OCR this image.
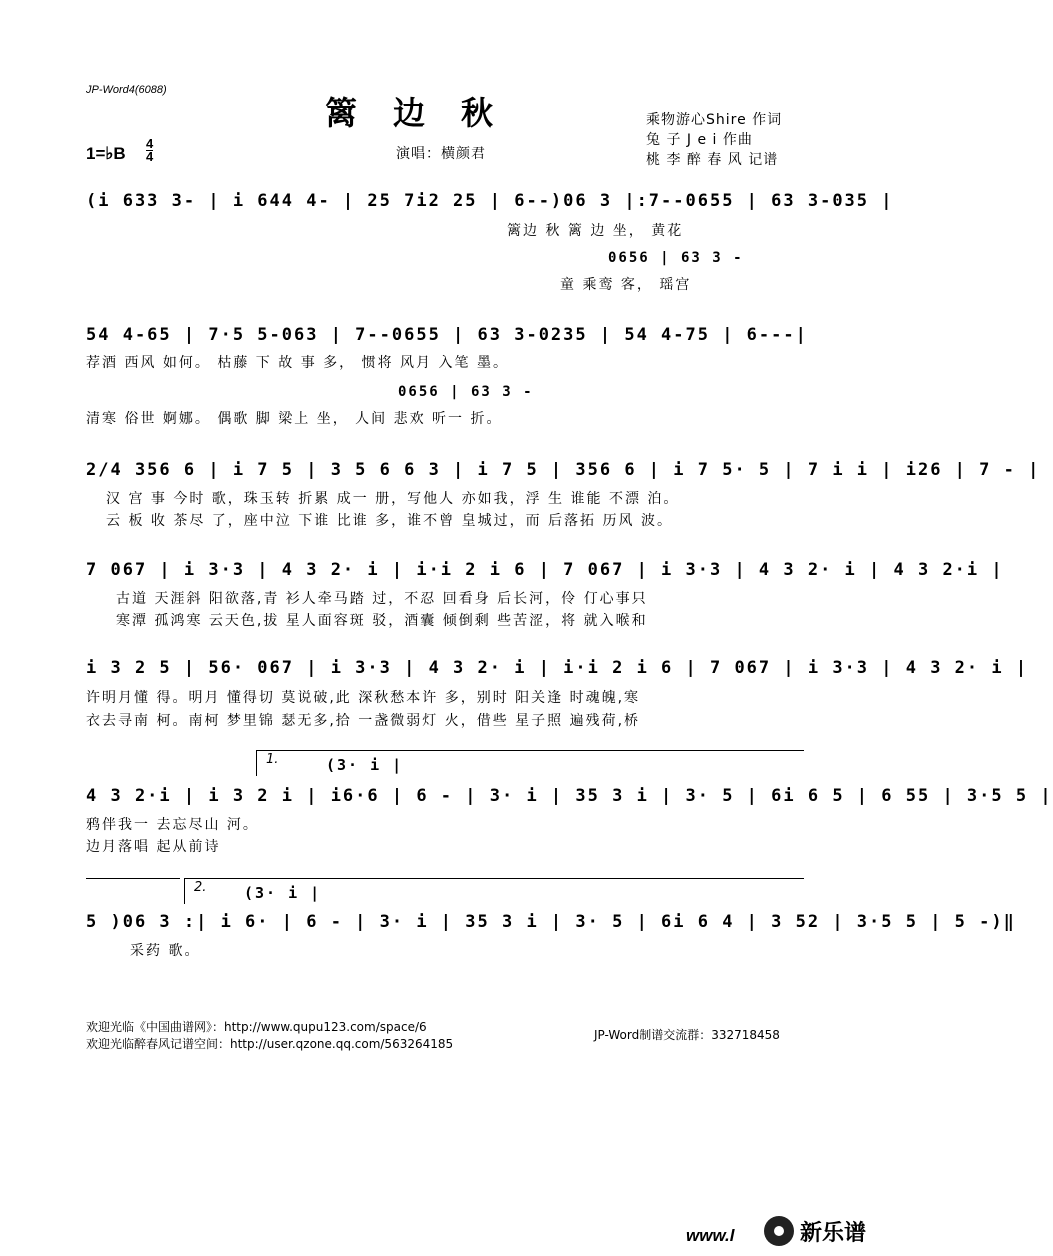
JP-Word4(6088)
篱边秋	乘物游心Shire 作词
兔 子 J e i 作曲
桃 李 醉 春 风 记谱
1=♭B
4
4	演唱：横颜君
(i 633 3- | i 644 4- | 25 7i2 25 | 6--)06 3 |:7--0655 | 63 3-035 |
篱边 秋 篱 边 坐， 黄花
0656 | 63 3 -
童 乘鸾 客， 瑶宫
54 4-65 | 7·5 5-063 | 7--0655 | 63 3-0235 | 54 4-75 | 6---|
荐酒 西风 如何。 枯藤 下 故 事 多， 惯将 风月 入笔 墨。
0656 | 63 3 -
清寒 俗世 婀娜。 偶歌 脚 梁上 坐， 人间 悲欢 听一 折。
2/4 356 6 | i 7 5 | 3 5 6 6 3 | i 7 5 | 356 6 | i 7 5· 5 | 7 i i | i26 | 7 - |
汉 宫 事 今时 歌，珠玉转 折累 成一 册，写他人 亦如我，浮 生 谁能 不漂 泊。
云 板 收 茶尽 了，座中泣 下谁 比谁 多，谁不曾 皇城过，而 后落拓 历风 波。
7 067 | i 3·3 | 4 3 2· i | i·i 2 i 6 | 7 067 | i 3·3 | 4 3 2· i | 4 3 2·i |
古道 天涯斜 阳欲落,青 衫人牵马踏 过，不忍 回看身 后长河，伶 仃心事只
寒潭 孤鸿寒 云天色,拔 星人面容斑 驳，酒囊 倾倒剩 些苦涩，将 就入喉和
i 3 2 5 | 56· 067 | i 3·3 | 4 3 2· i | i·i 2 i 6 | 7 067 | i 3·3 | 4 3 2· i |
许明月懂 得。明月 懂得切 莫说破,此 深秋愁本许 多，别时 阳关逢 时魂魄,寒
衣去寻南 柯。南柯 梦里锦 瑟无多,拾 一盏微弱灯 火，借些 星子照 遍残荷,桥
1.	(3· i |
4 3 2·i | i 3 2 i | i6·6 | 6 - | 3· i | 35 3 i | 3· 5 | 6i 6 5 | 6 55 | 3·5 5 |
鸦伴我一 去忘尽山 河。
边月落唱 起从前诗
2.	(3· i |
5 )06 3 :| i 6· | 6 - | 3· i | 35 3 i | 3· 5 | 6i 6 4 | 3 52 | 3·5 5 | 5 -)‖
采药 歌。
欢迎光临《中国曲谱网》：http://www.qupu123.com/space/6
欢迎光临醉春风记谱空间：http://user.qzone.qq.com/563264185
JP-Word制谱交流群：332718458
www.l	新乐谱
